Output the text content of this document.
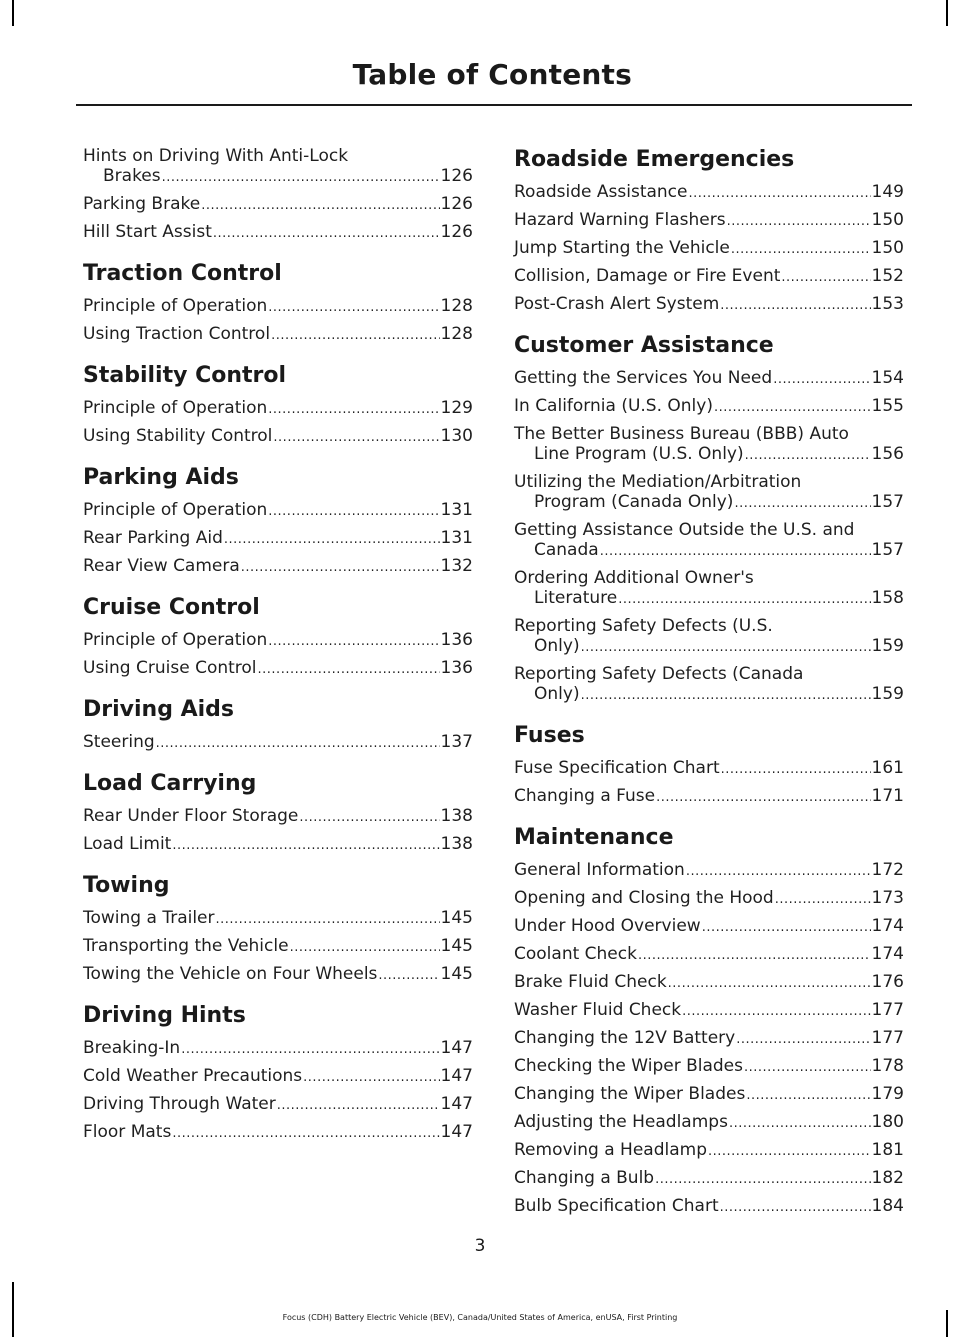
Table of Contents
Hints on Driving With Anti-Lock
Brakes .....	126
Parking Brake .....	126
Hill Start Assist .....	126
Traction Control
Principle of Operation .....	128
Using Traction Control .....	128
Stability Control
Principle of Operation .....	129
Using Stability Control .....	130
Parking Aids
Principle of Operation .....	131
Rear Parking Aid .....	131
Rear View Camera .....	132
Cruise Control
Principle of Operation .....	136
Using Cruise Control .....	136
Driving Aids
Steering .....	137
Load Carrying
Rear Under Floor Storage .....	138
Load Limit .....	138
Towing
Towing a Trailer .....	145
Transporting the Vehicle .....	145
Towing the Vehicle on Four Wheels .....	145
Driving Hints
Breaking-In .....	147
Cold Weather Precautions .....	147
Driving Through Water .....	147
Floor Mats .....	147
Roadside Emergencies
Roadside Assistance .....	149
Hazard Warning Flashers .....	150
Jump Starting the Vehicle .....	150
Collision, Damage or Fire Event .....	152
Post-Crash Alert System .....	153
Customer Assistance
Getting the Services You Need .....	154
In California (U.S. Only) .....	155
The Better Business Bureau (BBB) Auto
Line Program (U.S. Only) .....	156
Utilizing the Mediation/Arbitration
Program (Canada Only) .....	157
Getting Assistance Outside the U.S. and
Canada .....	157
Ordering Additional Owner's
Literature .....	158
Reporting Safety Defects (U.S.
Only) .....	159
Reporting Safety Defects (Canada
Only) .....	159
Fuses
Fuse Specification Chart .....	161
Changing a Fuse .....	171
Maintenance
General Information .....	172
Opening and Closing the Hood .....	173
Under Hood Overview .....	174
Coolant Check .....	174
Brake Fluid Check .....	176
Washer Fluid Check .....	177
Changing the 12V Battery .....	177
Checking the Wiper Blades .....	178
Changing the Wiper Blades .....	179
Adjusting the Headlamps .....	180
Removing a Headlamp .....	181
Changing a Bulb .....	182
Bulb Specification Chart .....	184
3
Focus (CDH) Battery Electric Vehicle (BEV), Canada/United States of America, enUSA, First Printing
